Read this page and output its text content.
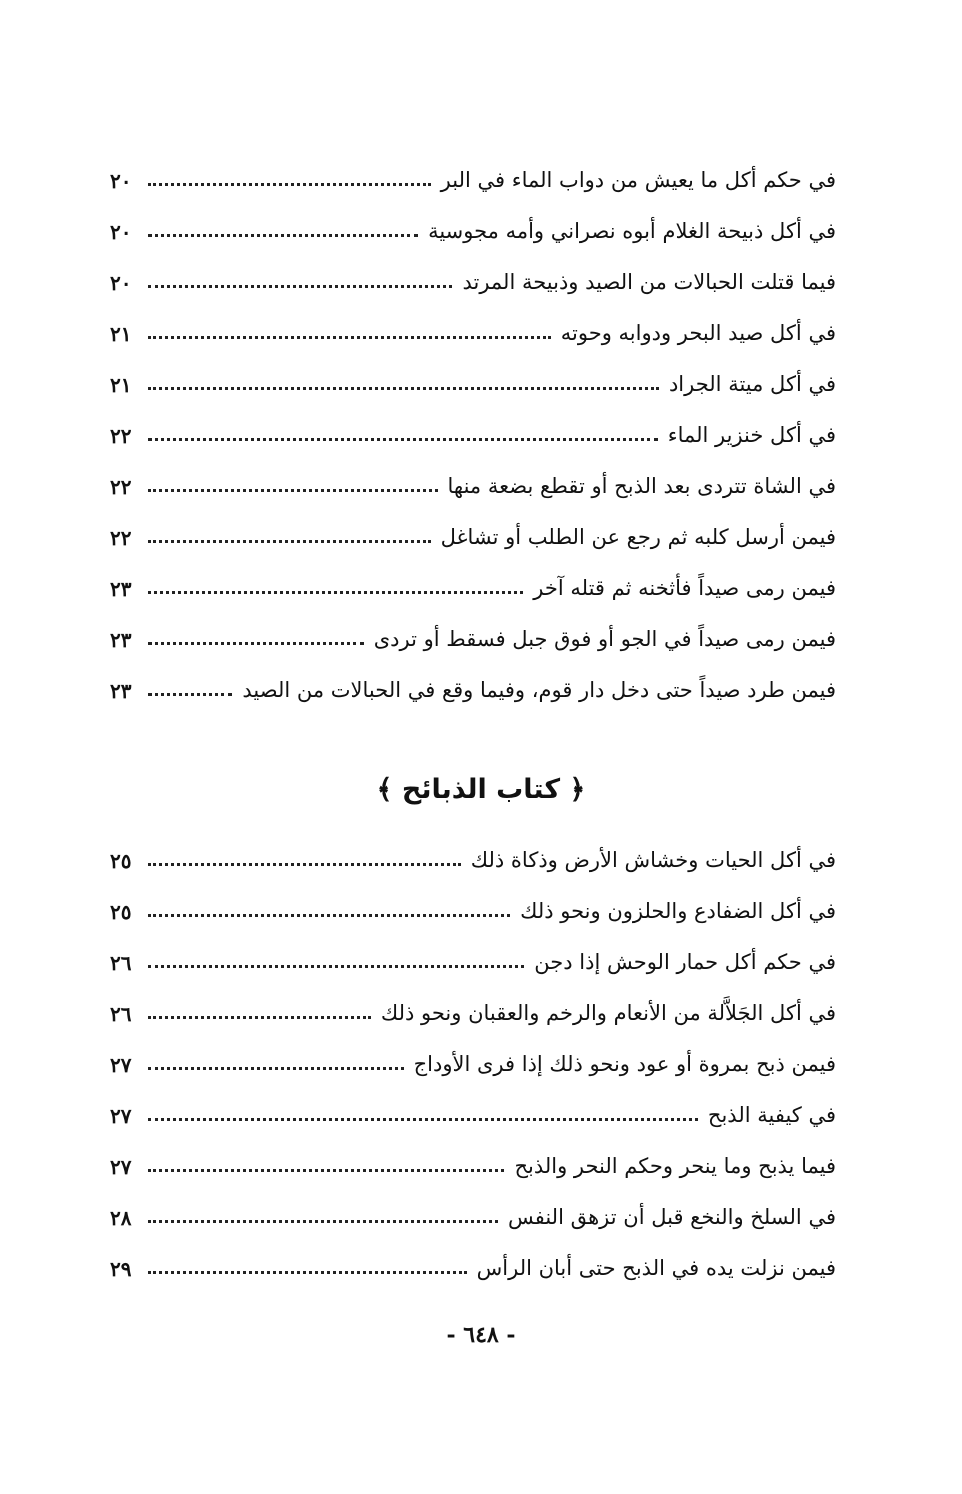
في حكم أكل ما يعيش من دواب الماء في البر
٢٠
في أكل ذبيحة الغلام أبوه نصراني وأمه مجوسية
٢٠
فيما قتلت الحبالات من الصيد وذبيحة المرتد
٢٠
في أكل صيد البحر ودوابه وحوته
٢١
في أكل ميتة الجراد
٢١
في أكل خنزير الماء
٢٢
في الشاة تتردى بعد الذبح أو تقطع بضعة منها
٢٢
فيمن أرسل كلبه ثم رجع عن الطلب أو تشاغل
٢٢
فيمن رمى صيداً فأثخنه ثم قتله آخر
٢٣
فيمن رمى صيداً في الجو أو فوق جبل فسقط أو تردى
٢٣
فيمن طرد صيداً حتى دخل دار قوم، وفيما وقع في الحبالات من الصيد
٢٣
﴿ كتاب الذبائح ﴾
في أكل الحيات وخشاش الأرض وذكاة ذلك
٢٥
في أكل الضفادع والحلزون ونحو ذلك
٢٥
في حكم أكل حمار الوحش إذا دجن
٢٦
في أكل الجَلاَّلة من الأنعام والرخم والعقبان ونحو ذلك
٢٦
فيمن ذبح بمروة أو عود ونحو ذلك إذا فرى الأوداج
٢٧
في كيفية الذبح
٢٧
فيما يذبح وما ينحر وحكم النحر والذبح
٢٧
في السلخ والنخع قبل أن تزهق النفس
٢٨
فيمن نزلت يده في الذبح حتى أبان الرأس
٢٩
- ٦٤٨ -
